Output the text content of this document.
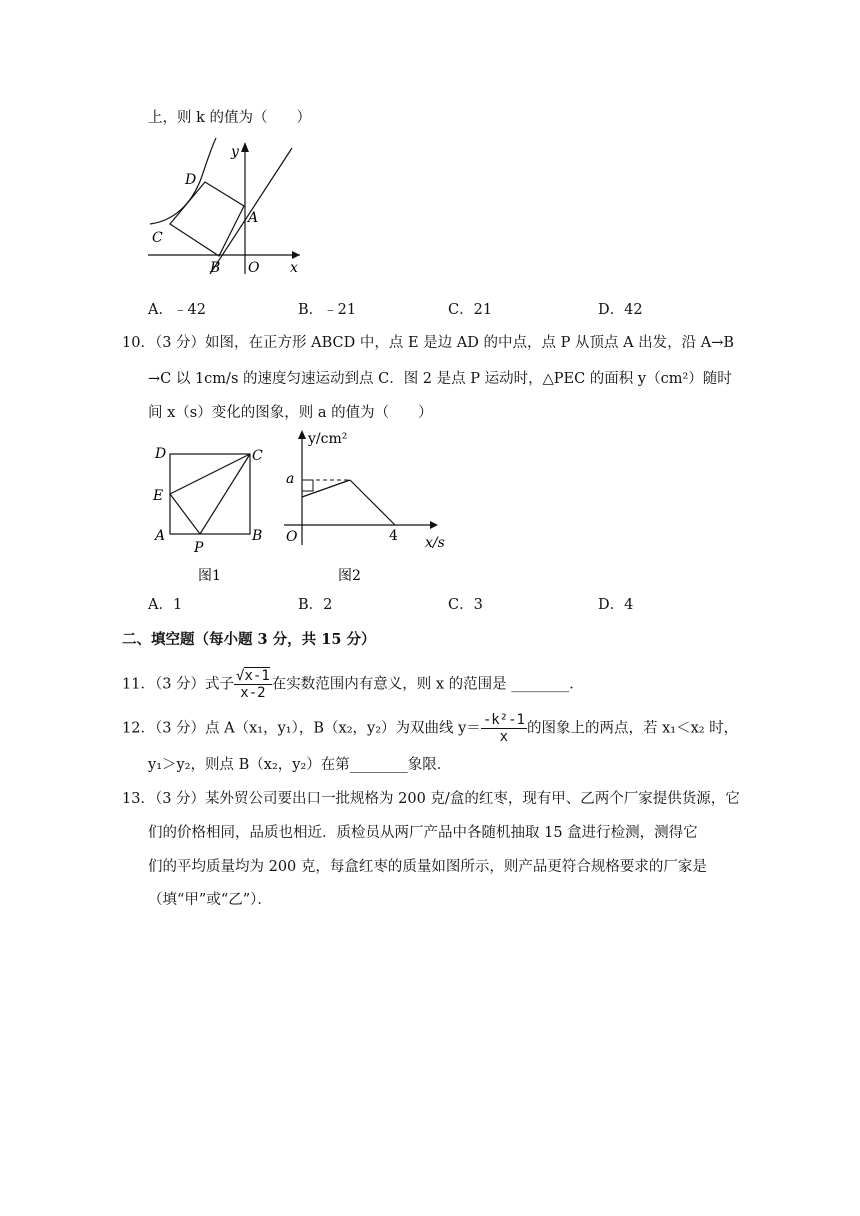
上，则 k 的值为（　　）
D
C
A
B O x
y
A．﹣42	B．﹣21	C．21	D．42
10．（3 分）如图，在正方形 ABCD 中，点 E 是边 AD 的中点，点 P 从顶点 A 出发，沿 A→B
→C 以 1cm/s 的速度匀速运动到点 C．图 2 是点 P 运动时，△PEC 的面积 y（cm²）随时
间 x（s）变化的图象，则 a 的值为（　　）
D	C
E
A
P
B
图1
y/cm²
a
O	4 x/s
图2
A．1	B．2	C．3	D．4
二、填空题（每小题 3 分，共 15 分）
11．（3 分）式子 $\frac{√x-1}{x-2}$ 在实数范围内有意义，则 x 的范围是 ________．
12．（3 分）点 A（x₁，y₁），B（x₂，y₂）为双曲线 $y= \frac{\text{-k²-1}}{x}$ 的图象上的两点，若 x₁＜x₂ 时，
y₁＞y₂，则点 B（x₂，y₂）在第________象限．
13．（3 分）某外贸公司要出口一批规格为 200 克/盒的红枣，现有甲、乙两个厂家提供货源，它
们的价格相同，品质也相近．质检员从两厂产品中各随机抽取 15 盒进行检测，测得它
们的平均质量均为 200 克，每盒红枣的质量如图所示，则产品更符合规格要求的厂家是
（填“甲”或“乙”）．
